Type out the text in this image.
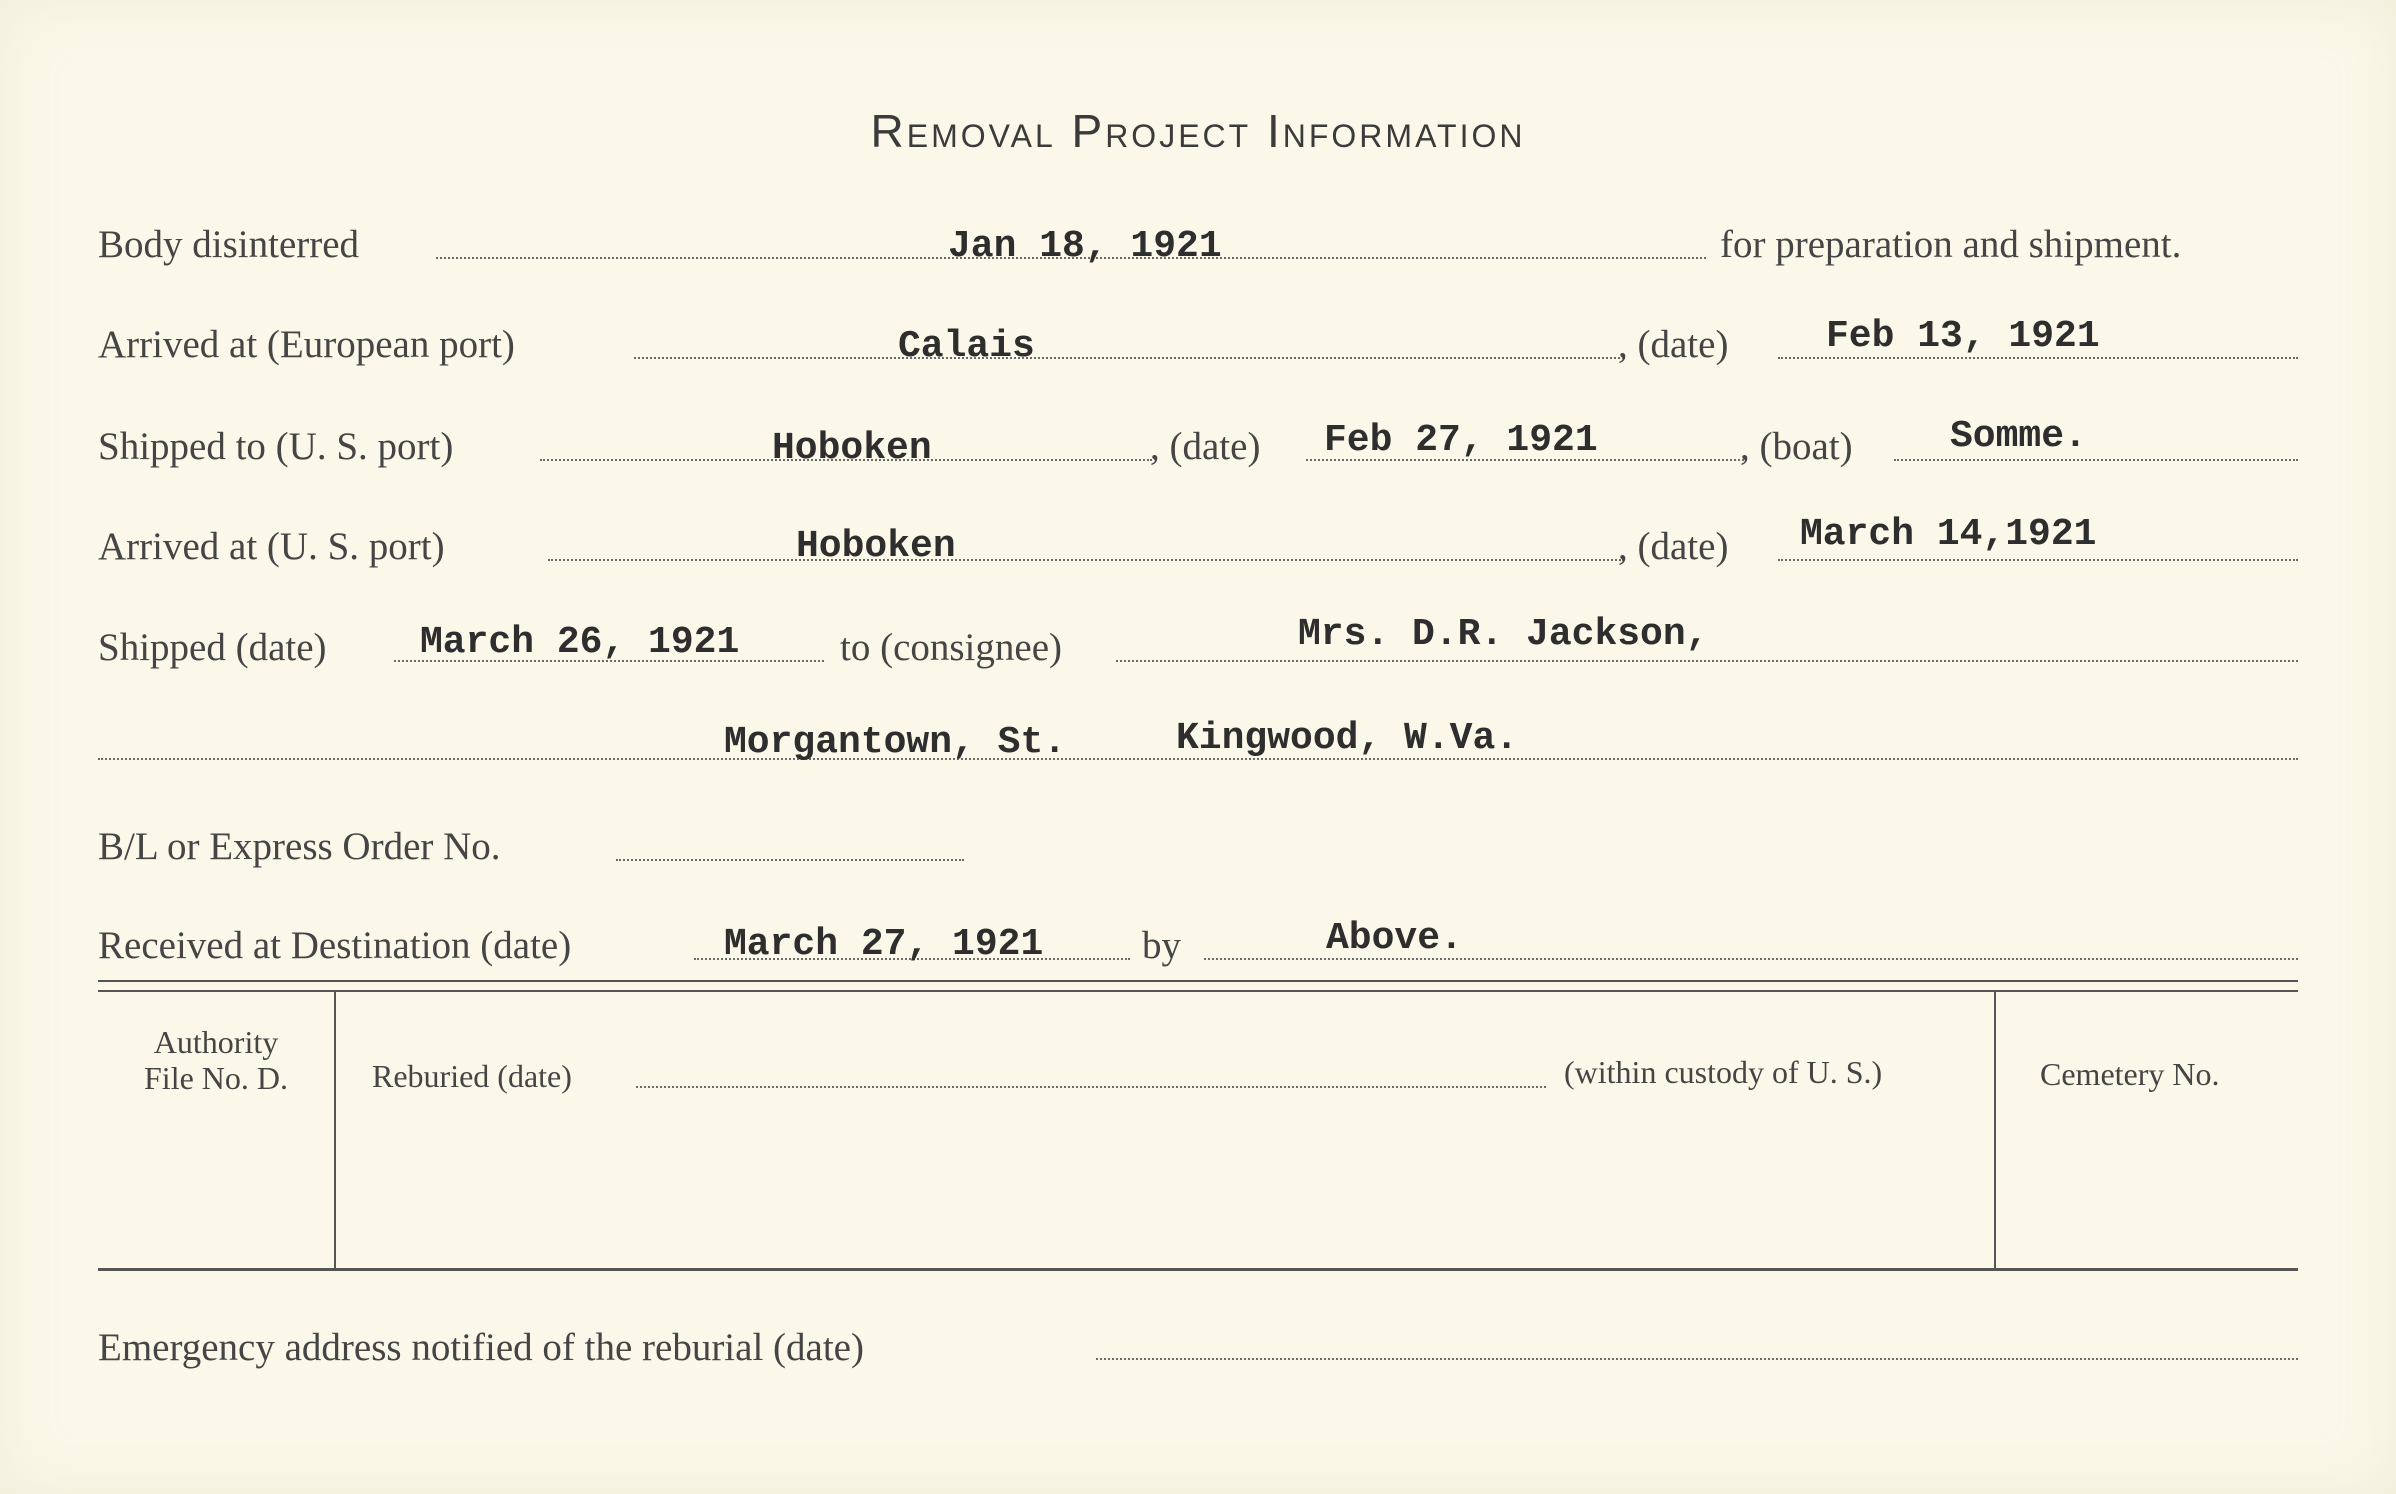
Removal Project Information
Body disinterred	Jan 18, 1921	for preparation and shipment.
Arrived at (European port)	Calais	, (date)	Feb 13, 1921
Shipped to (U. S. port)	Hoboken	, (date) Feb 27, 1921	, (boat)	Somme.
Arrived at (U. S. port)	Hoboken	, (date) March 14,1921
Shipped (date) March 26, 1921	to (consignee)	Mrs. D.R. Jackson,
Morgantown, St.	Kingwood, W.Va.
B/L or Express Order No.
Received at Destination (date)	March 27, 1921	by	Above.
Authority
File No. D.	Reburied (date)	(within custody of U. S.)	Cemetery No.
Emergency address notified of the reburial (date)
